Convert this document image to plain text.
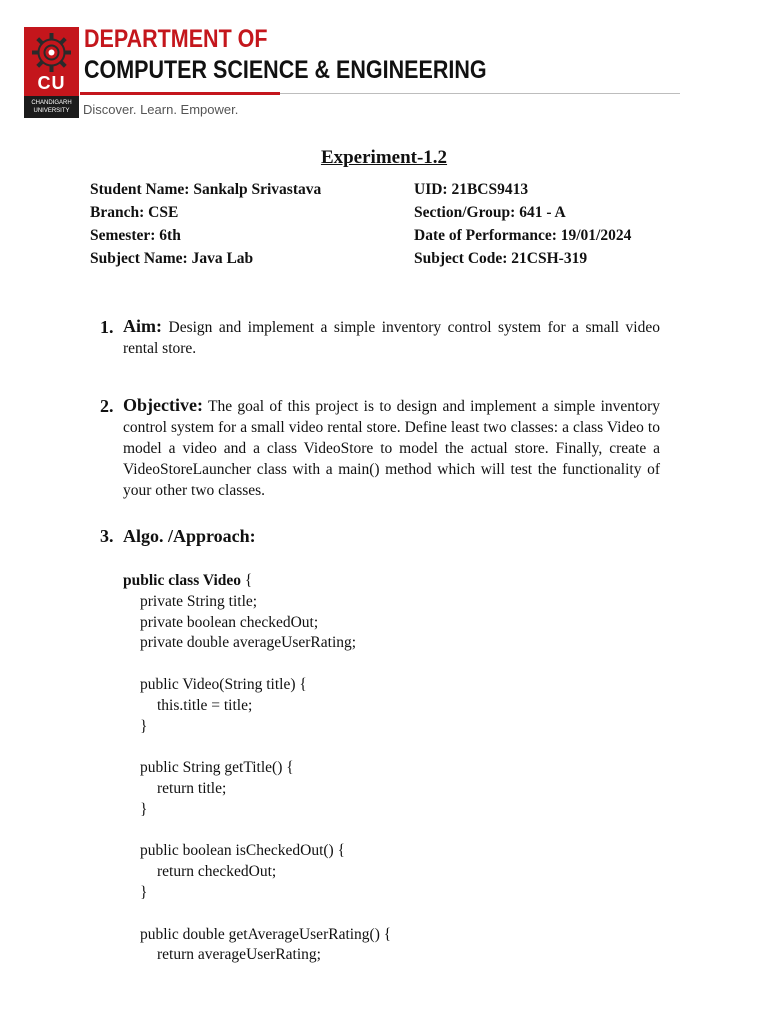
CU
CHANDIGARH UNIVERSITY
DEPARTMENT OF
COMPUTER SCIENCE & ENGINEERING
Discover. Learn. Empower.
Experiment-1.2
Student Name: Sankalp Srivastava	UID: 21BCS9413
Branch: CSE	Section/Group: 641 - A
Semester: 6th	Date of Performance: 19/01/2024
Subject Name: Java Lab	Subject Code: 21CSH-319
1. Aim: Design and implement a simple inventory control system for a small video rental store.
2. Objective: The goal of this project is to design and implement a simple inventory control system for a small video rental store. Define least two classes: a class Video to model a video and a class VideoStore to model the actual store. Finally, create a VideoStoreLauncher class with a main() method which will test the functionality of your other two classes.
3. Algo. /Approach:
public class Video {
private String title;
private boolean checkedOut;
private double averageUserRating;
public Video(String title) {
this.title = title;
}
public String getTitle() {
return title;
}
public boolean isCheckedOut() {
return checkedOut;
}
public double getAverageUserRating() {
return averageUserRating;
